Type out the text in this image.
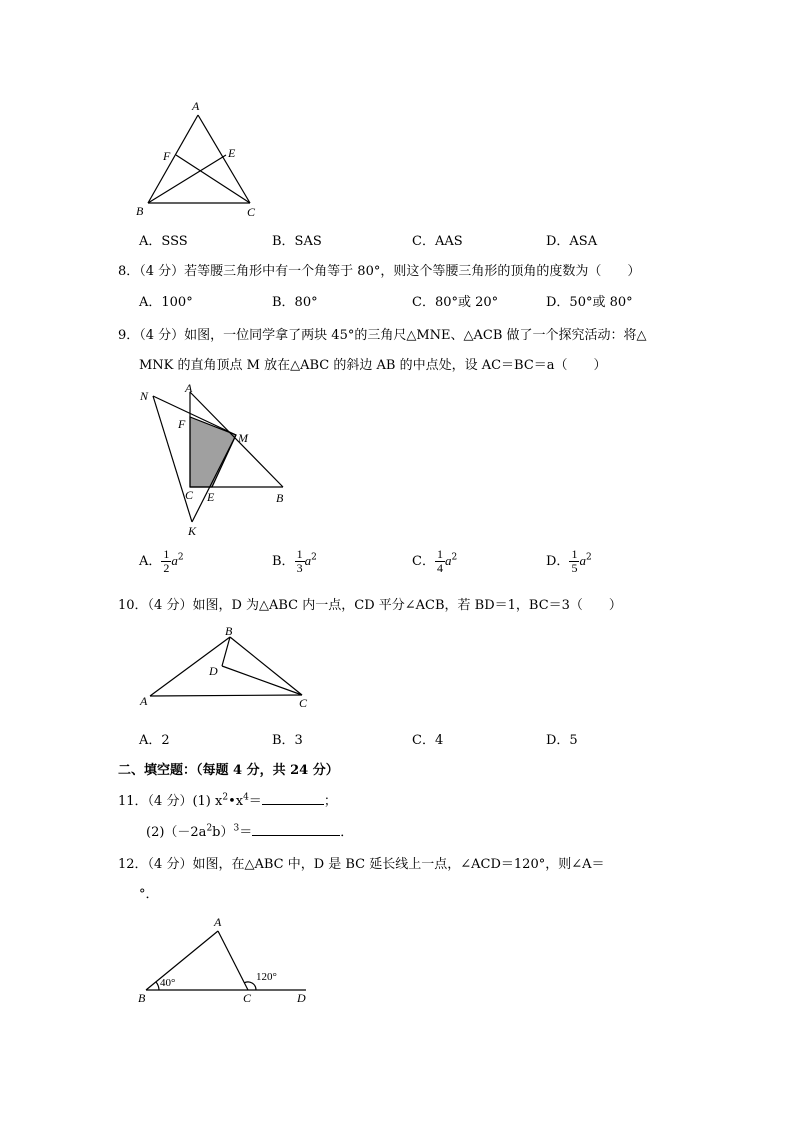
A
B	C
E
F
A．SSS	B．SAS	C．AAS	D．ASA
8．（4 分）若等腰三角形中有一个角等于 80°，则这个等腰三角形的顶角的度数为（　　）
A．100°	B．80°	C．80°或 20°	D．50°或 80°
9．（4 分）如图，一位同学拿了两块 45°的三角尺△MNE、△ACB 做了一个探究活动：将△
MNK 的直角顶点 M 放在△ABC 的斜边 AB 的中点处，设 AC＝BC＝a（　　）
N
A
F
M
C E	B
K
A． $\frac{1}{2} a^2$	B． $\frac{1}{3} a^2$	C． $\frac{1}{4} a^2$	D． $\frac{1}{5} a^2$
10．（4 分）如图，D 为△ABC 内一点，CD 平分∠ACB，若 BD＝1，BC＝3（　　）
B
D
A	C
A．2	B．3	C．4	D．5
二、填空题：（每题 4 分，共 24 分）
11．（4 分）(1) $x^2•x^4=$	；
$(2)(-2a^2b)^3=$	．
12．（4 分）如图，在△ABC 中，D 是 BC 延长线上一点，∠ACD＝120°，则∠A＝
°．
A
B	C	D
40°	120°
